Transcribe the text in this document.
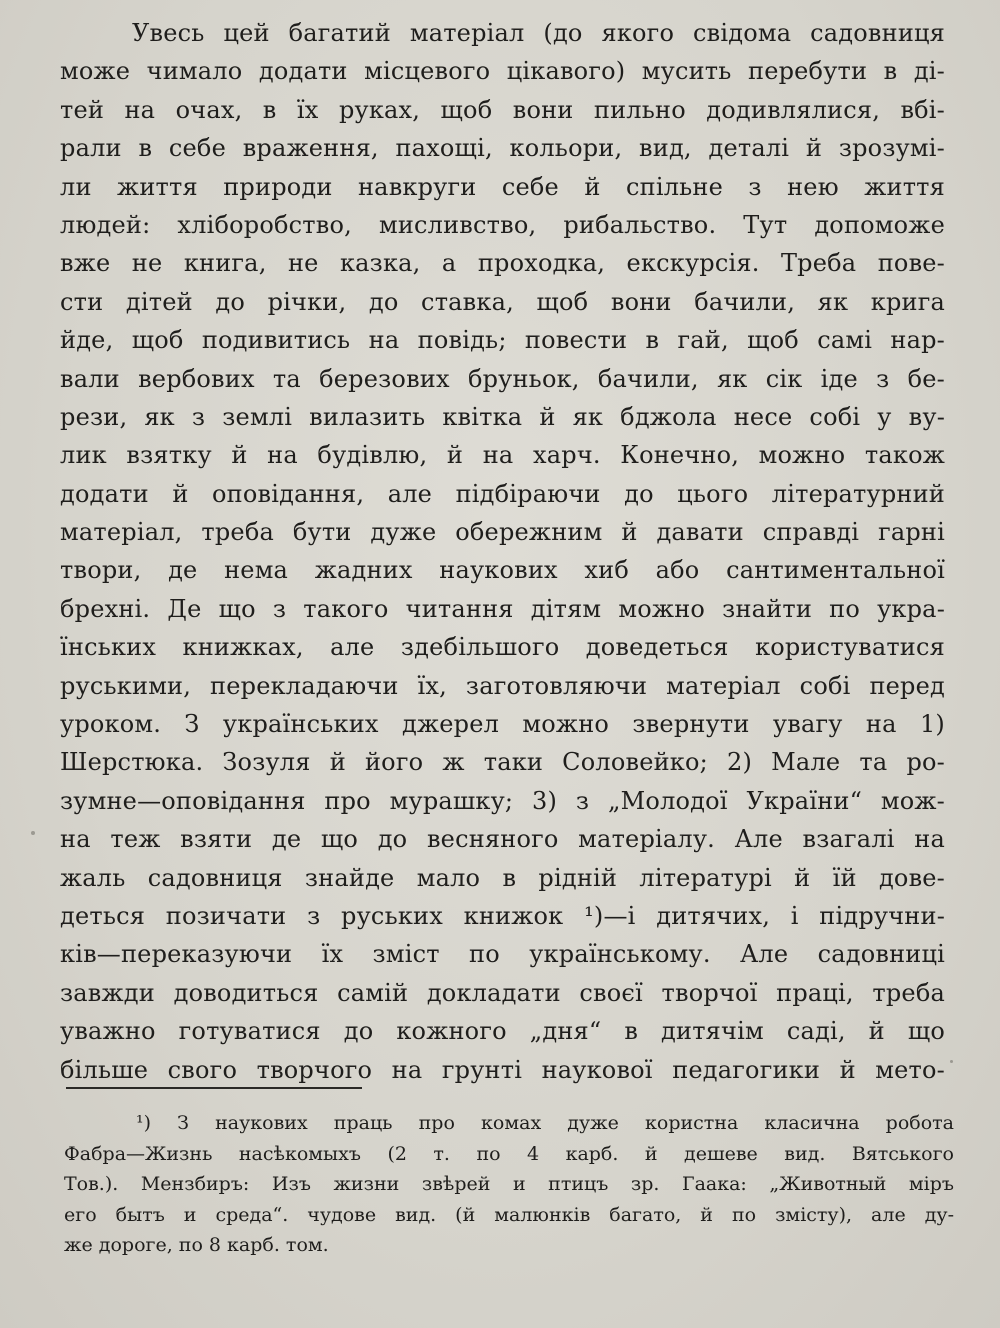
Увесь цей багатий матеріал (до якого свідома садовниця
може чимало додати місцевого цікавого) мусить перебути в ді-
тей на очах, в їх руках, щоб вони пильно додивлялися, вбі-
рали в себе враження, пахощі, кольори, вид, деталі й зрозумі-
ли життя природи навкруги себе й спільне з нею життя
людей: хліборобство, мисливство, рибальство. Тут допоможе
вже не книга, не казка, а проходка, екскурсія. Треба пове-
сти дітей до річки, до ставка, щоб вони бачили, як крига
йде, щоб подивитись на повідь; повести в гай, щоб самі нар-
вали вербових та березових бруньок, бачили, як сік іде з бе-
рези, як з землі вилазить квітка й як бджола несе собі у ву-
лик взятку й на будівлю, й на харч. Конечно, можно також
додати й оповідання, але підбіраючи до цього літературний
матеріал, треба бути дуже обережним й давати справді гарні
твори, де нема жадних наукових хиб або сантиментальної
брехні. Де що з такого читання дітям можно знайти по укра-
їнських книжках, але здебільшого доведеться користуватися
руськими, перекладаючи їх, заготовляючи матеріал собі перед
уроком. З українських джерел можно звернути увагу на 1)
Шерстюка. Зозуля й його ж таки Соловейко; 2) Мале та ро-
зумне—оповідання про мурашку; 3) з „Молодої України“ мож-
на теж взяти де що до весняного матеріалу. Але взагалі на
жаль садовниця знайде мало в рідній літературі й їй дове-
деться позичати з руських книжок ¹)—і дитячих, і підручни-
ків—переказуючи їх зміст по українському. Але садовниці
завжди доводиться самій докладати своєї творчої праці, треба
уважно готуватися до кожного „дня“ в дитячім саді, й що
більше свого творчого на грунті наукової педагогики й мето-
¹) З наукових праць про комах дуже користна класична робота
Фабра—Жизнь насѣкомыхъ (2 т. по 4 карб. й дешеве вид. Вятського
Тов.). Мензбиръ: Изъ жизни звѣрей и птицъ зр. Гаака: „Животный міръ
его бытъ и среда“. чудове вид. (й малюнків багато, й по змісту), але ду-
же дороге, по 8 карб. том.
